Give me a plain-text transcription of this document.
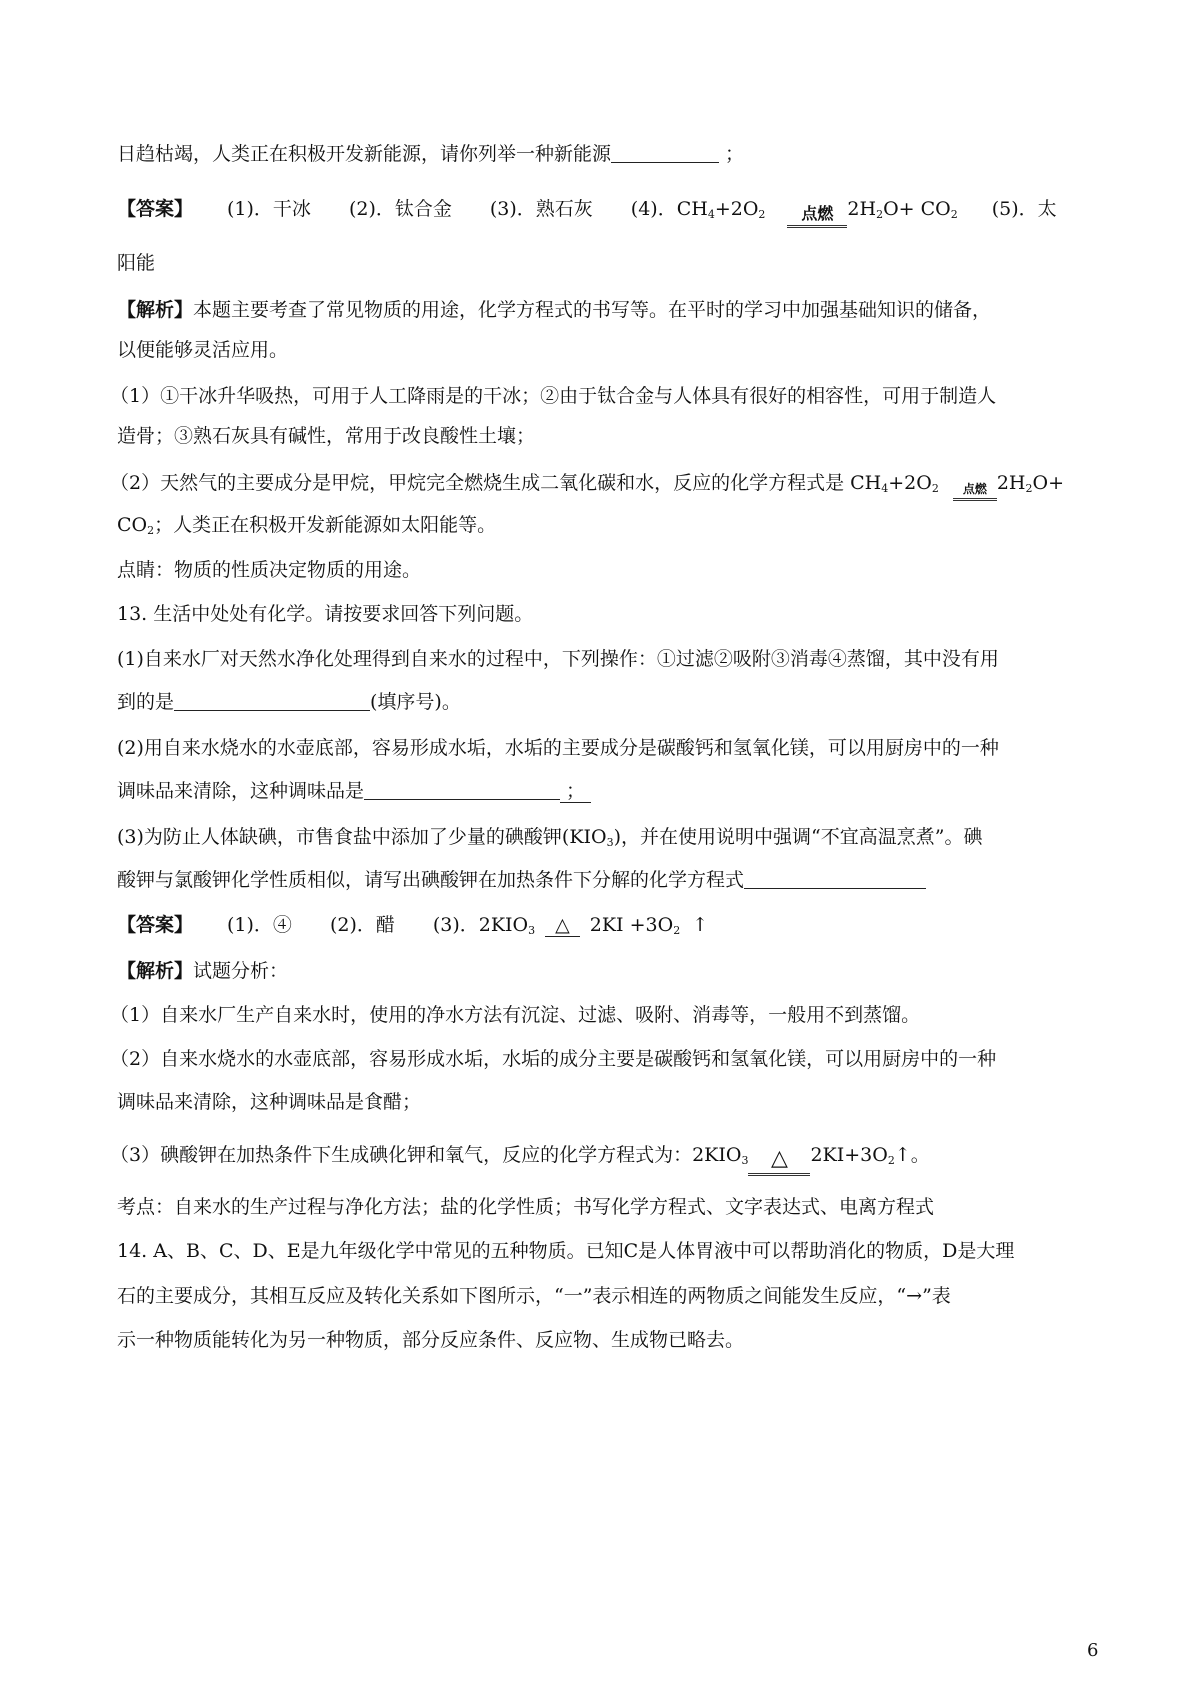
日趋枯竭，人类正在积极开发新能源，请你列举一种新能源	；
【答案】 (1)．干冰 (2)．钛合金 (3)．熟石灰 (4)．$CH_4+2O_2$	点燃 $2H_2O+ CO_2$ (5)．太
阳能
【解析】本题主要考查了常见物质的用途，化学方程式的书写等。在平时的学习中加强基础知识的储备，
以便能够灵活应用。
（1）①干冰升华吸热，可用于人工降雨是的干冰；②由于钛合金与人体具有很好的相容性，可用于制造人
造骨；③熟石灰具有碱性，常用于改良酸性土壤；
（2）天然气的主要成分是甲烷，甲烷完全燃烧生成二氧化碳和水，反应的化学方程式是 $CH_4+2O_2$	点燃 $2H_2O+$
$CO_2$；人类正在积极开发新能源如太阳能等。
点睛：物质的性质决定物质的用途。
13. 生活中处处有化学。请按要求回答下列问题。
(1)自来水厂对天然水净化处理得到自来水的过程中，下列操作：①过滤②吸附③消毒④蒸馏，其中没有用
到的是	(填序号)。
(2)用自来水烧水的水壶底部，容易形成水垢，水垢的主要成分是碳酸钙和氢氧化镁，可以用厨房中的一种
调味品来清除，这种调味品是	；
(3)为防止人体缺碘，市售食盐中添加了少量的碘酸钾$(KIO_3)$，并在使用说明中强调“不宜高温烹煮”。碘
酸钾与氯酸钾化学性质相似，请写出碘酸钾在加热条件下分解的化学方程式
【答案】 (1)．④ (2)．醋 (3)．$2KIO_3$ △ $2KI +3O_2$ ↑
【解析】试题分析：
（1）自来水厂生产自来水时，使用的净水方法有沉淀、过滤、吸附、消毒等，一般用不到蒸馏。
（2）自来水烧水的水壶底部，容易形成水垢，水垢的成分主要是碳酸钙和氢氧化镁，可以用厨房中的一种
调味品来清除，这种调味品是食醋；
（3）碘酸钾在加热条件下生成碘化钾和氧气，反应的化学方程式为：$2KIO_3$	△	$2KI+3O_2↑$。
考点：自来水的生产过程与净化方法；盐的化学性质；书写化学方程式、文字表达式、电离方程式
14. A、B、C、D、E是九年级化学中常见的五种物质。已知C是人体胃液中可以帮助消化的物质，D是大理
石的主要成分，其相互反应及转化关系如下图所示，“一”表示相连的两物质之间能发生反应，“→”表
示一种物质能转化为另一种物质，部分反应条件、反应物、生成物已略去。
6
